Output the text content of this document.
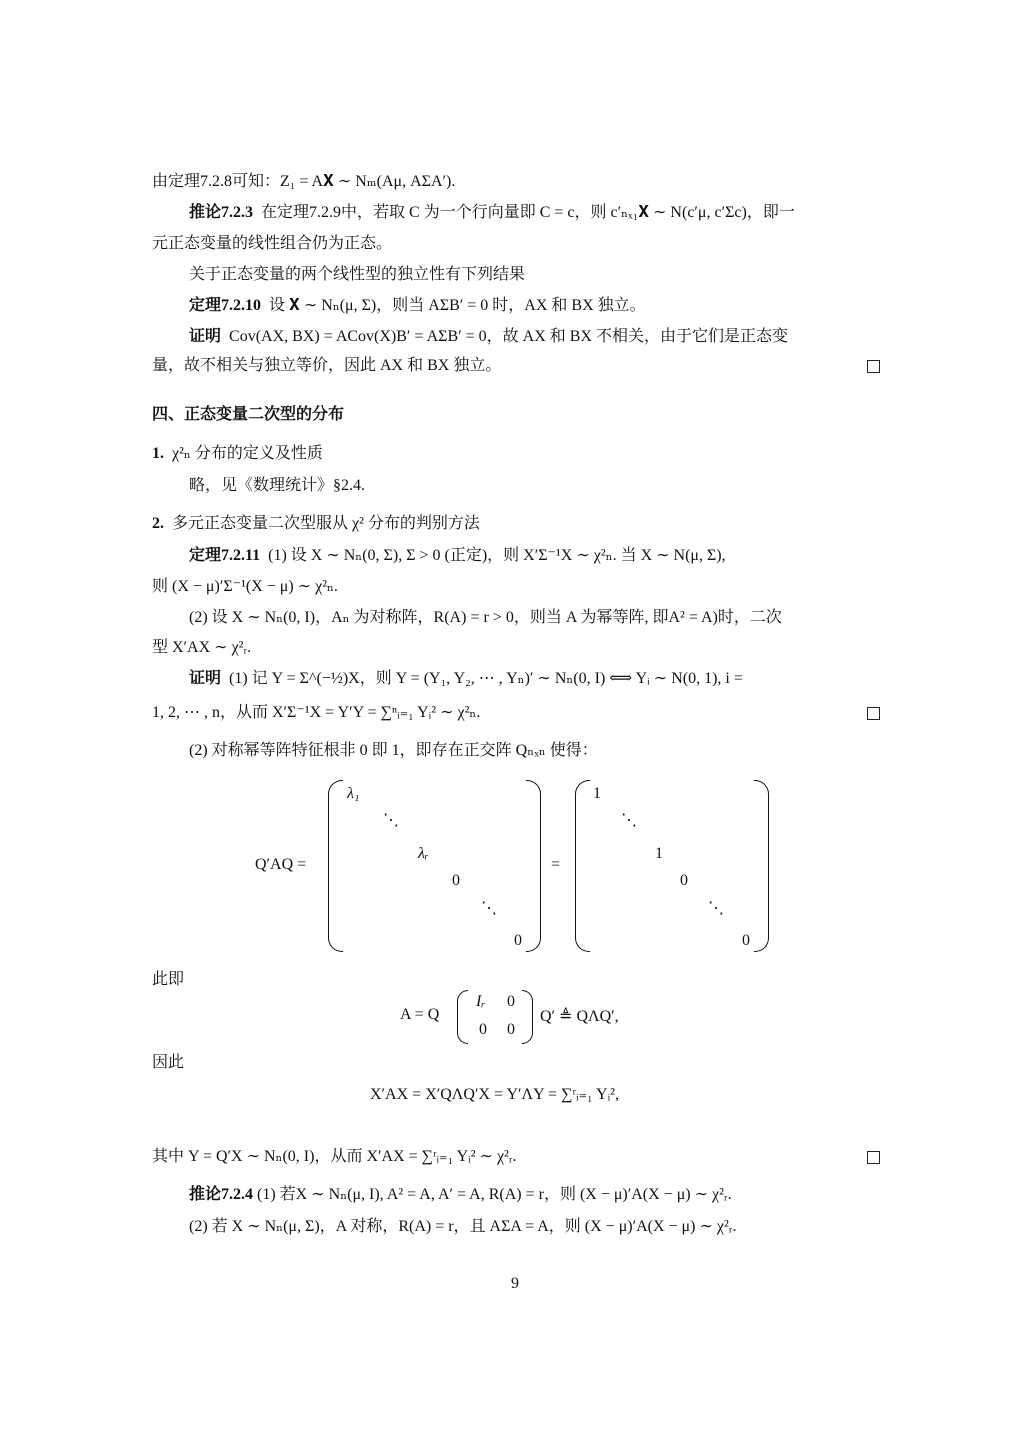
由定理7.2.8可知：Z₁ = A𝐗 ∼ Nₘ(Aμ, AΣA′).
推论7.2.3 在定理7.2.9中，若取 C 为一个行向量即 C = c，则 c′ₙₓ₁𝐗 ∼ N(c′μ, c′Σc)，即一
元正态变量的线性组合仍为正态。
关于正态变量的两个线性型的独立性有下列结果
定理7.2.10 设 𝐗 ∼ Nₙ(μ, Σ)，则当 AΣB′ = 0 时，AX 和 BX 独立。
证明 Cov(AX, BX) = ACov(X)B′ = AΣB′ = 0，故 AX 和 BX 不相关，由于它们是正态变
量，故不相关与独立等价，因此 AX 和 BX 独立。
四、正态变量二次型的分布
1. χ²ₙ 分布的定义及性质
略，见《数理统计》§2.4.
2. 多元正态变量二次型服从 χ² 分布的判别方法
定理7.2.11 (1) 设 X ∼ Nₙ(0, Σ), Σ > 0 (正定)，则 X′Σ⁻¹X ∼ χ²ₙ. 当 X ∼ N(μ, Σ),
则 (X − μ)′Σ⁻¹(X − μ) ∼ χ²ₙ.
(2) 设 X ∼ Nₙ(0, I)，Aₙ 为对称阵，R(A) = r > 0，则当 A 为幂等阵, 即A² = A)时，二次
型 X′AX ∼ χ²ᵣ.
证明 (1) 记 Y = Σ^(−½)X，则 Y = (Y₁, Y₂, ⋯ , Yₙ)′ ∼ Nₙ(0, I) ⟺ Yᵢ ∼ N(0, 1), i =
1, 2, ⋯ , n，从而 X′Σ⁻¹X = Y′Y = ∑ⁿᵢ₌₁ Yᵢ² ∼ χ²ₙ.
(2) 对称幂等阵特征根非 0 即 1，即存在正交阵 Qₙₓₙ 使得：
Q′AQ =
λ₁
⋱
λᵣ
0
⋱
0
=
1
⋱
1
0
⋱
0
此即
A = Q
Iᵣ 0
0 0
Q′ ≜ QΛQ′,
因此
X′AX = X′QΛQ′X = Y′ΛY = ∑ʳᵢ₌₁ Yᵢ²,
其中 Y = Q′X ∼ Nₙ(0, I)，从而 X′AX = ∑ʳᵢ₌₁ Yᵢ² ∼ χ²ᵣ.
推论7.2.4 (1) 若X ∼ Nₙ(μ, I), A² = A, A′ = A, R(A) = r，则 (X − μ)′A(X − μ) ∼ χ²ᵣ.
(2) 若 X ∼ Nₙ(μ, Σ)，A 对称，R(A) = r，且 AΣA = A，则 (X − μ)′A(X − μ) ∼ χ²ᵣ.
9
